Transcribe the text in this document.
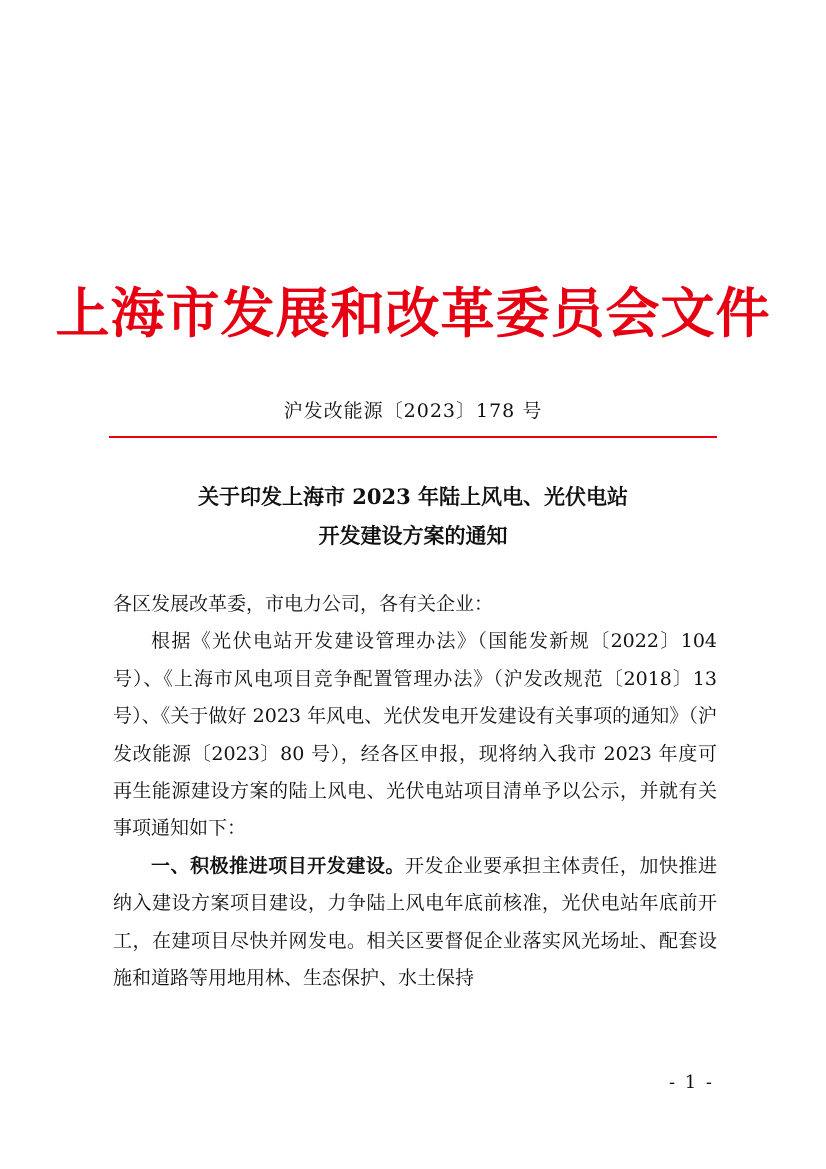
上海市发展和改革委员会文件
沪发改能源〔2023〕178 号
关于印发上海市 2023 年陆上风电、光伏电站
开发建设方案的通知

各区发展改革委，市电力公司，各有关企业：

根据《光伏电站开发建设管理办法》（国能发新规〔2022〕104 号）、《上海市风电项目竞争配置管理办法》（沪发改规范〔2018〕13 号）、《关于做好 2023 年风电、光伏发电开发建设有关事项的通知》（沪发改能源〔2023〕80 号），经各区申报，现将纳入我市 2023 年度可再生能源建设方案的陆上风电、光伏电站项目清单予以公示，并就有关事项通知如下：

一、积极推进项目开发建设。开发企业要承担主体责任，加快推进纳入建设方案项目建设，力争陆上风电年底前核准，光伏电站年底前开工，在建项目尽快并网发电。相关区要督促企业落实风光场址、配套设施和道路等用地用林、生态保护、水土保持

- 1 -
